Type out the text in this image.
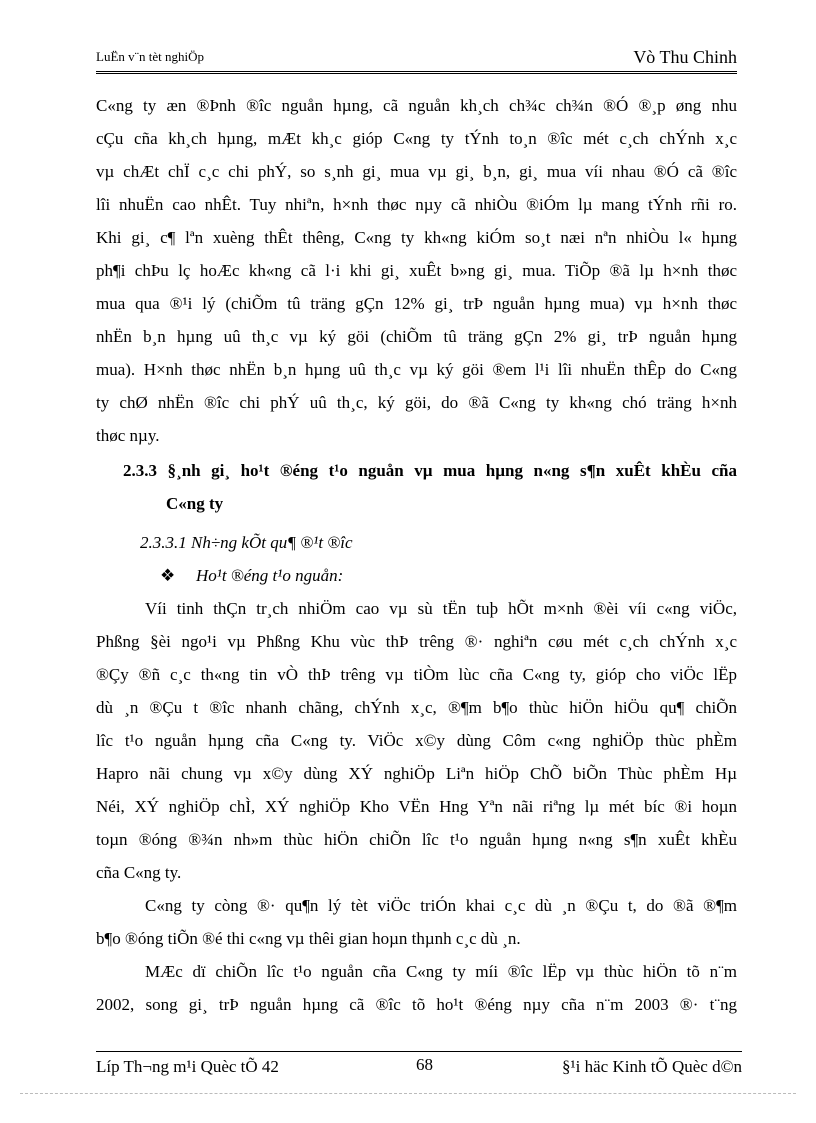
LuËn v¨n tèt nghiÖp	Vò Thu Chinh
C«ng ty æn ®Þnh ®îc nguån hµng, cã nguån kh¸ch ch¾c ch¾n ®Ó ®¸p øng nhu
cÇu cña kh¸ch hµng, mÆt kh¸c gióp C«ng ty tÝnh to¸n ®îc mét c¸ch chÝnh x¸c
vµ chÆt chÏ c¸c chi phÝ, so s¸nh gi¸ mua vµ gi¸ b¸n, gi¸ mua víi nhau ®Ó cã ®îc
lîi nhuËn cao nhÊt. Tuy nhiªn, h×nh thøc nµy cã nhiÒu ®iÓm lµ mang tÝnh rñi ro.
Khi gi¸ c¶ lªn xuèng thÊt thêng, C«ng ty kh«ng kiÓm so¸t næi nªn nhiÒu l« hµng
ph¶i chÞu lç hoÆc kh«ng cã l·i khi gi¸ xuÊt b»ng gi¸ mua. TiÕp ®ã lµ h×nh thøc
mua qua ®¹i lý (chiÕm tû träng gÇn 12% gi¸ trÞ nguån hµng mua) vµ h×nh thøc
nhËn b¸n hµng uû th¸c vµ ký göi (chiÕm tû träng gÇn 2% gi¸ trÞ nguån hµng
mua). H×nh thøc nhËn b¸n hµng uû th¸c vµ ký göi ®em l¹i lîi nhuËn thÊp do C«ng
ty chØ nhËn ®îc chi phÝ uû th¸c, ký göi, do ®ã C«ng ty kh«ng chó träng h×nh
thøc nµy.
2.3.3 §¸nh gi¸ ho¹t ®éng t¹o nguån vµ mua hµng n«ng s¶n xuÊt khÈu cña
C«ng ty
2.3.3.1 Nh÷ng kÕt qu¶ ®¹t ®îc
❖ Ho¹t ®éng t¹o nguån:
Víi tinh thÇn tr¸ch nhiÖm cao vµ sù tËn tuþ hÕt m×nh ®èi víi c«ng viÖc,
Phßng §èi ngo¹i vµ Phßng Khu vùc thÞ trêng ®· nghiªn cøu mét c¸ch chÝnh x¸c
®Çy ®ñ c¸c th«ng tin vÒ thÞ trêng vµ tiÒm lùc cña C«ng ty, gióp cho viÖc lËp
dù ¸n ®Çu t ®îc nhanh chãng, chÝnh x¸c, ®¶m b¶o thùc hiÖn hiÖu qu¶ chiÕn
lîc t¹o nguån hµng cña C«ng ty. ViÖc x©y dùng Côm c«ng nghiÖp thùc phÈm
Hapro nãi chung vµ x©y dùng XÝ nghiÖp Liªn hiÖp ChÕ biÕn Thùc phÈm Hµ
Néi, XÝ nghiÖp chÌ, XÝ nghiÖp Kho VËn Hng Yªn nãi riªng lµ mét bíc ®i hoµn
toµn ®óng ®¾n nh»m thùc hiÖn chiÕn lîc t¹o nguån hµng n«ng s¶n xuÊt khÈu
cña C«ng ty.
C«ng ty còng ®· qu¶n lý tèt viÖc triÓn khai c¸c dù ¸n ®Çu t, do ®ã ®¶m
b¶o ®óng tiÕn ®é thi c«ng vµ thêi gian hoµn thµnh c¸c dù ¸n.
MÆc dï chiÕn lîc t¹o nguån cña C«ng ty míi ®îc lËp vµ thùc hiÖn tõ n¨m
2002, song gi¸ trÞ nguån hµng cã ®îc tõ ho¹t ®éng nµy cña n¨m 2003 ®· t¨ng
Líp Th¬ng m¹i Quèc tÕ 42	68	§¹i häc Kinh tÕ Quèc d©n
